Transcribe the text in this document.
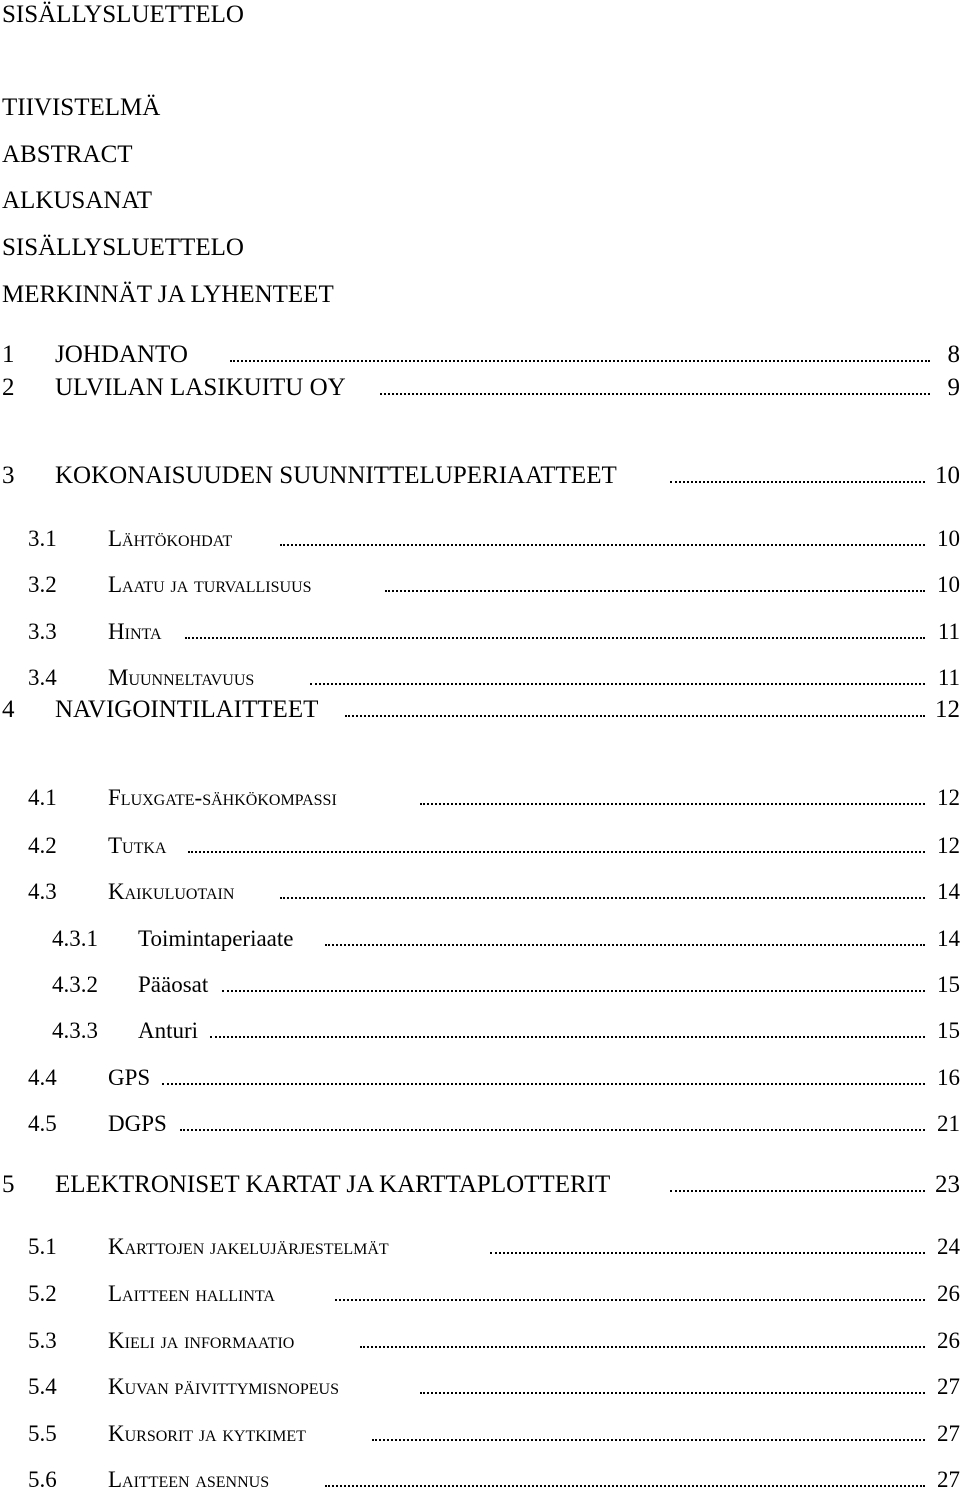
SISÄLLYSLUETTELO
TIIVISTELMÄ
ABSTRACT
ALKUSANAT
SISÄLLYSLUETTELO
MERKINNÄT JA LYHENTEET
1 JOHDANTO	8
2 ULVILAN LASIKUITU OY	9
3 KOKONAISUUDEN SUUNNITTELUPERIAATTEET	10
3.1 Lähtökohdat	10
3.2 Laatu ja turvallisuus	10
3.3 Hinta	11
3.4 Muunneltavuus	11
4 NAVIGOINTILAITTEET	12
4.1 Fluxgate-sähkökompassi	12
4.2 Tutka	12
4.3 Kaikuluotain	14
4.3.1 Toimintaperiaate	14
4.3.2 Pääosat	15
4.3.3 Anturi	15
4.4 GPS	16
4.5 DGPS	21
5 ELEKTRONISET KARTAT JA KARTTAPLOTTERIT	23
5.1 Karttojen jakelujärjestelmät	24
5.2 Laitteen hallinta	26
5.3 Kieli ja informaatio	26
5.4 Kuvan päivittymisnopeus	27
5.5 Kursorit ja kytkimet	27
5.6 Laitteen asennus	27
